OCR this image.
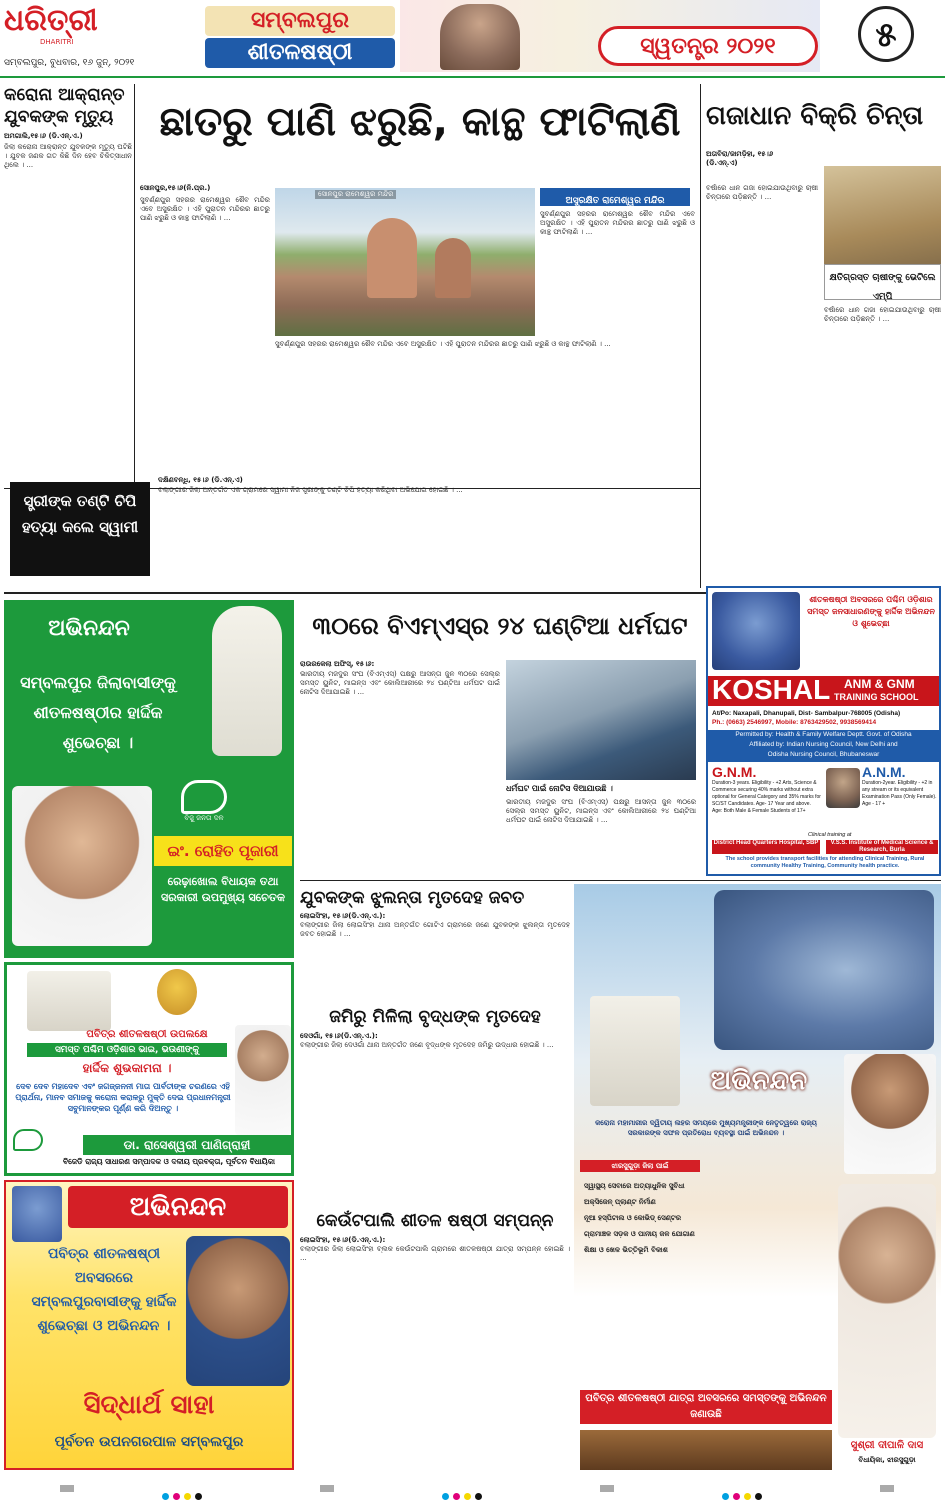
ଧରିତ୍ରୀ
DHARITRI
ସମ୍ବଲପୁର, ବୁଧବାର, ୧୬ ଜୁନ୍, ୨୦୨୧
ସମ୍ବଲପୁର
ଶୀତଳଷଷ୍ଠୀ	ସ୍ୱତନ୍ତ୍ର ୨୦୨୧	୫
କରୋନା ଆକ୍ରାନ୍ତ ଯୁବକଙ୍କ ମୃତ୍ୟୁ
ଅମଗାଲି,୧୫।୬ (ଡି.ଏନ୍‌.ଏ.)
ଜିଲା କରୋନା ଆକ୍ରାନ୍ତ ଯୁବକଙ୍କ ମୃତ୍ୟୁ ଘଟିଛି । ଯୁବକ ଜଣକ ଗତ କିଛି ଦିନ ହେବ ଚିକିତ୍ସାଧୀନ ଥିଲେ । ...
ଛାତରୁ ପାଣି ଝରୁଛି, କାନ୍ଥ ଫାଟିଲାଣି
ସୋନପୁର,୧୫।୬(ନି.ପ୍ର.)
ସୁବର୍ଣ୍ଣପୁର ସହରର ରାମେଶ୍ୱର ଶୈବ ମନ୍ଦିର ଏବେ ଅସୁରକ୍ଷିତ । ଏହି ପୁରାତନ ମନ୍ଦିରର ଛାତରୁ ପାଣି ଝରୁଛି ଓ କାନ୍ଥ ଫାଟିଲାଣି । ...
ସୋନପୁର ରାମେଶ୍ୱର ମନ୍ଦିର
ଅସୁରକ୍ଷିତ ରାମେଶ୍ୱର ମନ୍ଦିର
ସୁବର୍ଣ୍ଣପୁର ସହରର ରାମେଶ୍ୱର ଶୈବ ମନ୍ଦିର ଏବେ ଅସୁରକ୍ଷିତ । ଏହି ପୁରାତନ ମନ୍ଦିରର ଛାତରୁ ପାଣି ଝରୁଛି ଓ କାନ୍ଥ ଫାଟିଲାଣି । ...
ସୁବର୍ଣ୍ଣପୁର ସହରର ରାମେଶ୍ୱର ଶୈବ ମନ୍ଦିର ଏବେ ଅସୁରକ୍ଷିତ । ଏହି ପୁରାତନ ମନ୍ଦିରର ଛାତରୁ ପାଣି ଝରୁଛି ଓ କାନ୍ଥ ଫାଟିଲାଣି । ...
ଗଜାଧାନ ବିକ୍ରି ଚିନ୍ତା
ଅତାବିରା/ଜାମଡ଼ିହା, ୧୫।୬ (ଡି.ଏନ୍‌.ଏ)
ବର୍ଷାରେ ଧାନ ଗଜା ହୋଇଯାଉଥିବାରୁ ଚାଷୀ ଚିନ୍ତାରେ ପଡ଼ିଛନ୍ତି । ...
କ୍ଷତିଗ୍ରସ୍ତ ଚାଷୀଙ୍କୁ ଭେଟିଲେ ଏମ୍‌ପି
ବର୍ଷାରେ ଧାନ ଗଜା ହୋଇଯାଉଥିବାରୁ ଚାଷୀ ଚିନ୍ତାରେ ପଡ଼ିଛନ୍ତି । ...
ସ୍ତ୍ରୀଙ୍କ ତଣ୍ଟି ଚିପି ହତ୍ୟା କଲେ ସ୍ୱାମୀ
ଦକ୍ଷିଣବନ୍ଧି, ୧୫।୬ (ଡି.ଏନ୍‌.ଏ)
ବଲାଙ୍ଗୀର ଜିଲା ଅନ୍ତର୍ଗତ ଏକ ଗ୍ରାମରେ ସ୍ୱାମୀ ନିଜ ସ୍ତ୍ରୀଙ୍କୁ ତଣ୍ଟି ଚିପି ହତ୍ୟା କରିଥିବା ଅଭିଯୋଗ ହୋଇଛି । ...
ଅଭିନନ୍ଦନ
ସମ୍ବଲପୁର ଜିଲାବାସୀଙ୍କୁ ଶୀତଳଷଷ୍ଠୀର ହାର୍ଦ୍ଦିକ ଶୁଭେଚ୍ଛା ।
ବିଜୁ ଜନତା ଦଳ
ଇଂ. ରୋହିତ ପୂଜାରୀ
ରେଢ଼ାଖୋଲ ବିଧାୟକ ତଥା ସରକାରୀ ଉପମୁଖ୍ୟ ସଚେତକ
୩୦ରେ ବିଏମ୍‌ଏସ୍‌ର ୨୪ ଘଣ୍ଟିଆ ଧର୍ମଘଟ
ରାଉରକେଲା ଅଫିସ୍‌, ୧୫।୬:
ଭାରତୀୟ ମଜଦୁର ସଂଘ (ବିଏମ୍‌ଏସ୍‌) ପକ୍ଷରୁ ଆସନ୍ତା ଜୁନ ୩୦ରେ ସେଲ୍‌ର ସମସ୍ତ ୟୁନିଟ, ମାଇନ୍ସ ଏବଂ କୋଲିଆରୀରେ ୨୪ ଘଣ୍ଟିଆ ଧର୍ମଘଟ ପାଇଁ ନୋଟିସ ଦିଆଯାଇଛି । ...
ଧର୍ମଘଟ ପାଇଁ ନୋଟିସ ଦିଆଯାଉଛି ।
ଭାରତୀୟ ମଜଦୁର ସଂଘ (ବିଏମ୍‌ଏସ୍‌) ପକ୍ଷରୁ ଆସନ୍ତା ଜୁନ ୩୦ରେ ସେଲ୍‌ର ସମସ୍ତ ୟୁନିଟ, ମାଇନ୍ସ ଏବଂ କୋଲିଆରୀରେ ୨୪ ଘଣ୍ଟିଆ ଧର୍ମଘଟ ପାଇଁ ନୋଟିସ ଦିଆଯାଇଛି । ...
ଶୀତଳଷଷ୍ଠୀ ଅବସରରେ ପଶ୍ଚିମ ଓଡ଼ିଶାର ସମସ୍ତ ଜନସାଧାରଣଙ୍କୁ ହାର୍ଦ୍ଦିକ ଅଭିନନ୍ଦନ ଓ ଶୁଭେଚ୍ଛା
KOSHAL ANM & GNM
TRAINING SCHOOL
At/Po: Naxapali, Dhanupali, Dist- Sambalpur-768005 (Odisha)
Ph.: (0663) 2546997, Mobile: 8763429502, 9938569414
Permitted by: Health & Family Welfare Deptt. Govt. of Odisha
Affiliated by: Indian Nursing Council, New Delhi and
Odisha Nursing Council, Bhubaneswar
G.N.M.
Duration-3 years. Eligibility - +2 Arts, Science & Commerce securing 40% marks without extra optional for General Category and 35% marks for SC/ST Candidates. Age- 17 Year and above. Age: Both Male & Female Students of 17+
A.N.M.
Duration-2year. Eligibility - +2 in any stream or its equivalent Examination Pass (Only Female). Age - 17 +
Clinical training at
District Head Quarters Hospital, SBP	V.S.S. Institute of Medical Science & Research, Burla
The school provides transport facilities for attending Clinical Training, Rural community Healthy Training, Community health practice.
ଯୁବକଙ୍କ ଝୁଲନ୍ତା ମୃତଦେହ ଜବତ
ଲୋଇସିଂହା, ୧୫।୬(ଡି.ଏନ୍‌.ଏ.):
ବଲାଙ୍ଗୀର ଜିଲା ଲୋଇସିଂହା ଥାନା ଅନ୍ତର୍ଗତ ଗୋଟିଏ ଗ୍ରାମରେ ଜଣେ ଯୁବକଙ୍କ ଝୁଲନ୍ତା ମୃତଦେହ ଜବତ ହୋଇଛି । ...
ପବିତ୍ର ଶୀତଳଷଷ୍ଠୀ ଉପଲକ୍ଷେ
ସମସ୍ତ ପଶ୍ଚିମ ଓଡ଼ିଶାର ଭାଇ, ଭଉଣୀଙ୍କୁ
ହାର୍ଦ୍ଦିକ ଶୁଭକାମନା ।
ଦେବ ଦେବ ମହାଦେବ ଏବଂ ଜଗଜ୍ଜନନୀ ମାତା ପାର୍ବତୀଙ୍କ ଚରଣରେ ଏହି ପ୍ରାର୍ଥନା, ମାନବ ସମାଜକୁ କରୋନା କରାଳରୁ ମୁକ୍ତି ଦେଇ ପ୍ରଧାନମନ୍ତ୍ରୀ ସବୁମାନଙ୍କର ପୂର୍ଣ୍ଣ କରି ଦିଅନ୍ତୁ ।
ଡା. ରାସେଶ୍ୱରୀ ପାଣିଗ୍ରାହୀ
ବିଜେଡି ରାଜ୍ୟ ସାଧାରଣ ସମ୍ପାଦକ ଓ ଦଳୀୟ ପ୍ରବକ୍ତା, ପୂର୍ବତନ ବିଧାୟିକା
ଜମିରୁ ମିଳିଲା ବୃଦ୍ଧଙ୍କ ମୃତଦେହ
ଦେଓଗାଁ, ୧୫।୬(ଡି.ଏନ୍‌.ଏ.):
ବଲାଙ୍ଗୀର ଜିଲା ଦେଓଗାଁ ଥାନା ଅନ୍ତର୍ଗତ ଜଣେ ବୃଦ୍ଧଙ୍କ ମୃତଦେହ ଜମିରୁ ଉଦ୍ଧାର ହୋଇଛି । ...
ଅଭିନନ୍ଦନ
ପବିତ୍ର ଶୀତଳଷଷ୍ଠୀ
ଅବସରରେ
ସମ୍ବଲପୁରବାସୀଙ୍କୁ ହାର୍ଦ୍ଦିକ
ଶୁଭେଚ୍ଛା ଓ ଅଭିନନ୍ଦନ ।
ସିଦ୍ଧାର୍ଥ ସାହା
ପୂର୍ବତନ ଉପନଗରପାଳ ସମ୍ବଲପୁର
କେଉଁଟପାଲି ଶୀତଳ ଷଷ୍ଠୀ ସମ୍ପନ୍ନ
ଲୋଇସିଂହା, ୧୫।୬(ଡି.ଏନ୍‌.ଏ.):
ବଲାଙ୍ଗୀର ଜିଲା ଲୋଇସିଂହା ବ୍ଲକ କେଉଁଟପାଲି ଗ୍ରାମରେ ଶୀତଳଷଷ୍ଠୀ ଯାତ୍ରା ସମ୍ପନ୍ନ ହୋଇଛି । ...
ଅଭିନନ୍ଦନ
କରୋନା ମହାମାରୀର ଦ୍ୱିତୀୟ ଲହର ସମୟରେ ମୁଖ୍ୟମନ୍ତ୍ରୀଙ୍କ ନେତୃତ୍ୱରେ ରାଜ୍ୟ ସରକାରଙ୍କ ସଫଳ ପ୍ରତିରୋଧ ବ୍ୟବସ୍ଥା ପାଇଁ ଅଭିନନ୍ଦନ ।
ଝାରସୁଗୁଡ଼ା ଜିଲା ପାଇଁ
ସ୍ୱାସ୍ଥ୍ୟ ସେବାରେ ଅତ୍ୟାଧୁନିକ ସୁବିଧା
ଅକ୍ସିଜେନ୍ ପ୍ଲାଣ୍ଟ ନିର୍ମାଣ
ନୂଆ ହସ୍ପିଟାଲ ଓ କୋଭିଡ୍ ସେଣ୍ଟର
ଗ୍ରାମାଞ୍ଚଳ ସଡ଼କ ଓ ପାନୀୟ ଜଳ ଯୋଗାଣ
ଶିକ୍ଷା ଓ ଖେଳ ଭିତ୍ତିଭୂମି ବିକାଶ
ପବିତ୍ର ଶୀତଳଷଷ୍ଠୀ ଯାତ୍ରା ଅବସରରେ ସମସ୍ତଙ୍କୁ ଅଭିନନ୍ଦନ ଜଣାଉଛି
ସୁଶ୍ରୀ ଦୀପାଳି ଦାସ
ବିଧାୟିକା, ଝାରସୁଗୁଡ଼ା
